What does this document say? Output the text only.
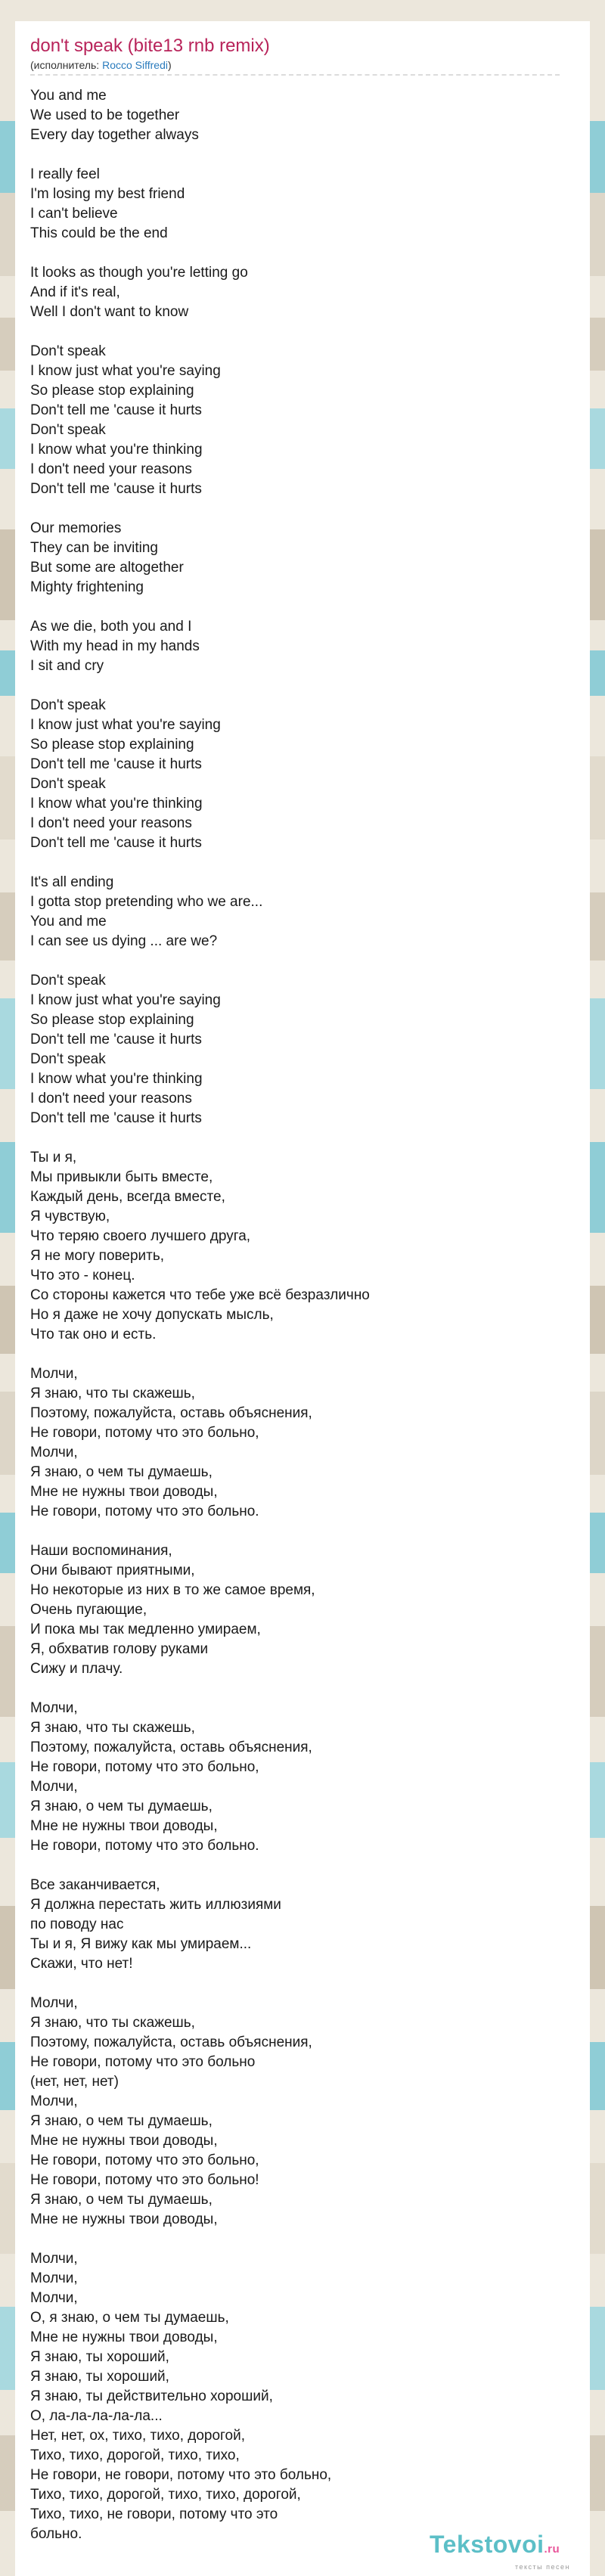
don't speak (bite13 rnb remix)
(исполнитель: Rocco Siffredi)
You and me
We used to be together
Every day together always
I really feel
I'm losing my best friend
I can't believe
This could be the end
It looks as though you're letting go
And if it's real,
Well I don't want to know
Don't speak
I know just what you're saying
So please stop explaining
Don't tell me 'cause it hurts
Don't speak
I know what you're thinking
I don't need your reasons
Don't tell me 'cause it hurts
Our memories
They can be inviting
But some are altogether
Mighty frightening
As we die, both you and I
With my head in my hands
I sit and cry
Don't speak
I know just what you're saying
So please stop explaining
Don't tell me 'cause it hurts
Don't speak
I know what you're thinking
I don't need your reasons
Don't tell me 'cause it hurts
It's all ending
I gotta stop pretending who we are...
You and me
I can see us dying ... are we?
Don't speak
I know just what you're saying
So please stop explaining
Don't tell me 'cause it hurts
Don't speak
I know what you're thinking
I don't need your reasons
Don't tell me 'cause it hurts
Ты и я,
Мы привыкли быть вместе,
Каждый день, всегда вместе,
Я чувствую,
Что теряю своего лучшего друга,
Я не могу поверить,
Что это - конец.
Со стороны кажется что тебе уже всё безразлично
Но я даже не хочу допускать мысль,
Что так оно и есть.
Молчи,
Я знаю, что ты скажешь,
Поэтому, пожалуйста, оставь объяснения,
Не говори, потому что это больно,
Молчи,
Я знаю, о чем ты думаешь,
Мне не нужны твои доводы,
Не говори, потому что это больно.
Наши воспоминания,
Они бывают приятными,
Но некоторые из них в то же самое время,
Очень пугающие,
И пока мы так медленно умираем,
Я, обхватив голову руками
Сижу и плачу.
Молчи,
Я знаю, что ты скажешь,
Поэтому, пожалуйста, оставь объяснения,
Не говори, потому что это больно,
Молчи,
Я знаю, о чем ты думаешь,
Мне не нужны твои доводы,
Не говори, потому что это больно.
Все заканчивается,
Я должна перестать жить иллюзиями
по поводу нас
Ты и я, Я вижу как мы умираем...
Скажи, что нет!
Молчи,
Я знаю, что ты скажешь,
Поэтому, пожалуйста, оставь объяснения,
Не говори, потому что это больно
(нет, нет, нет)
Молчи,
Я знаю, о чем ты думаешь,
Мне не нужны твои доводы,
Не говори, потому что это больно,
Не говори, потому что это больно!
Я знаю, о чем ты думаешь,
Мне не нужны твои доводы,
Молчи,
Молчи,
Молчи,
О, я знаю, о чем ты думаешь,
Мне не нужны твои доводы,
Я знаю, ты хороший,
Я знаю, ты хороший,
Я знаю, ты действительно хороший,
О, ла-ла-ла-ла-ла...
Нет, нет, ох, тихо, тихо, дорогой,
Тихо, тихо, дорогой, тихо, тихо,
Не говори, не говори, потому что это больно,
Тихо, тихо, дорогой, тихо, тихо, дорогой,
Тихо, тихо, не говори, потому что это
больно.	Tekstovoi.ru
тексты песен
